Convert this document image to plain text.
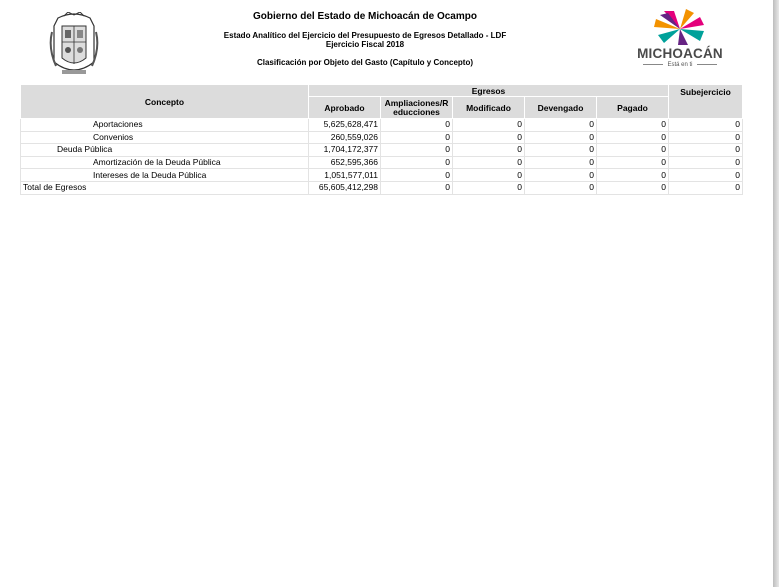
MICHOACÁN
Está en ti
Gobierno del Estado de Michoacán de Ocampo
Estado Analítico del Ejercicio del Presupuesto de Egresos Detallado - LDF
Ejercicio Fiscal 2018
Clasificación por Objeto del Gasto (Capítulo y Concepto)
Concepto	Egresos					Subejercicio
	Aprobado	Ampliaciones/R educciones	Modificado	Devengado	Pagado	
Aportaciones	5,625,628,471	0	0	0	0	0
Convenios	260,559,026	0	0	0	0	0
Deuda Pública	1,704,172,377	0	0	0	0	0
Amortización de la Deuda Pública	652,595,366	0	0	0	0	0
Intereses de la Deuda Pública	1,051,577,011	0	0	0	0	0
Total de Egresos	65,605,412,298	0	0	0	0	0
